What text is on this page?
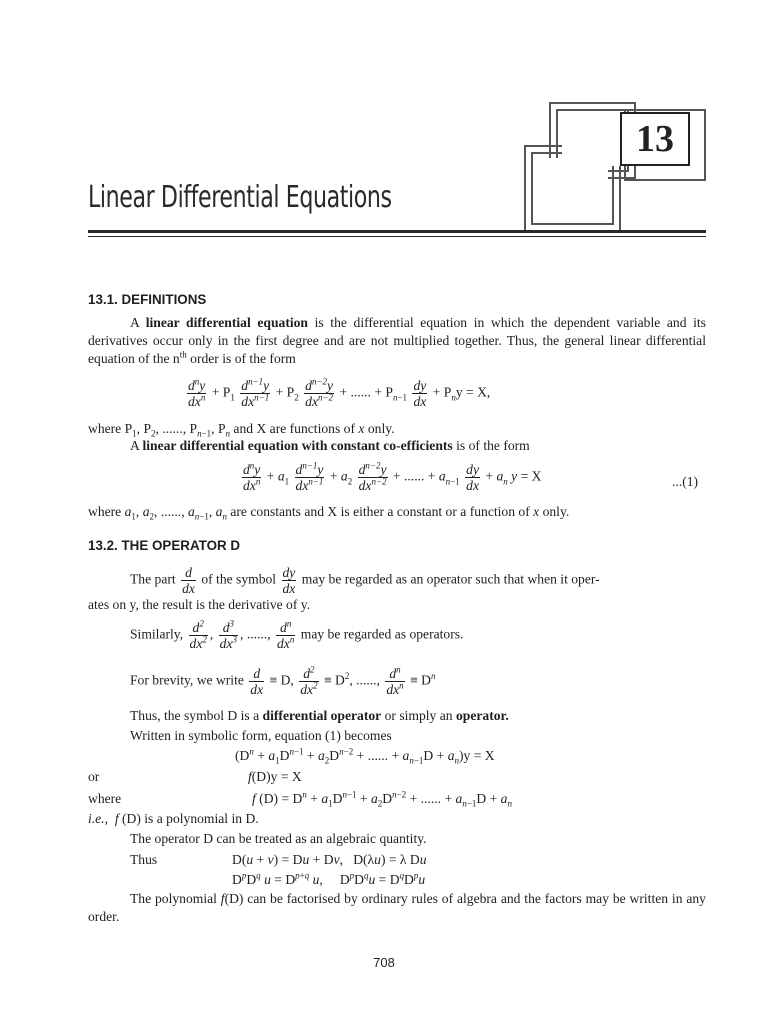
13
Linear Differential Equations
13.1. DEFINITIONS
A linear differential equation is the differential equation in which the dependent variable and its derivatives occur only in the first degree and are not multiplied together. Thus, the general linear differential equation of the $n^{th}$ order is of the form
$\frac{d^ny}{dx^n} + P_1 \frac{d^{n-1}y}{dx^{n-1}} + P_2 \frac{d^{n-2}y}{dx^{n-2}}$ + ...... + $P_{n-1} \frac{dy}{dx} + P_ny = X$,
where $P_1$, $P_2$, ......, $P_{n-1}$, $P_n$ and X are functions of x only.
A linear differential equation with constant co-efficients is of the form
$\frac{d^ny}{dx^n} + a_1 \frac{d^{n-1}y}{dx^{n-1}} + a_2 \frac{d^{n-2}y}{dx^{n-2}}$ + ...... + $a_{n-1} \frac{dy}{dx} + a_n$ y = X	...(1)
where $a_1$, $a_2$, ......, $a_{n-1}$, $a_n$ are constants and X is either a constant or a function of x only.
13.2. THE OPERATOR D
The part $\frac{d}{dx}$ of the symbol $\frac{dy}{dx}$ may be regarded as an operator such that when it oper-
ates on y, the result is the derivative of y.
Similarly, $\frac{d^2}{dx^2}$ , $\frac{d^3}{dx^3}$ , ......, $\frac{d^n}{dx^n}$ may be regarded as operators.
For brevity, we write $\frac{d}{dx} \equiv D$, $\frac{d^2}{dx^2} \equiv D^2$, ......, $\frac{d^n}{dx^n} \equiv D^n$
Thus, the symbol D is a differential operator or simply an operator.
Written in symbolic form, equation (1) becomes
($D^n + a_1D^{n-1} + a_2D^{n-2}$ + ...... + $a_{n-1}D + a_n)y = X$
or	f(D)y = X
where	f $(D) = D^n + a_1D^{n-1} + a_2D^{n-2}$ + ...... + $a_{n-1}D + a_n$
i.e., f (D) is a polynomial in D.
The operator D can be treated as an algebraic quantity.
Thus	D(u + v) = Du + Dv,   D(λu) = λ Du
$D^pD^q$ $u = D^{p+q}$ u,     $D^pD^qu = D^qD^pu$
The polynomial f(D) can be factorised by ordinary rules of algebra and the factors may be written in any order.
708
